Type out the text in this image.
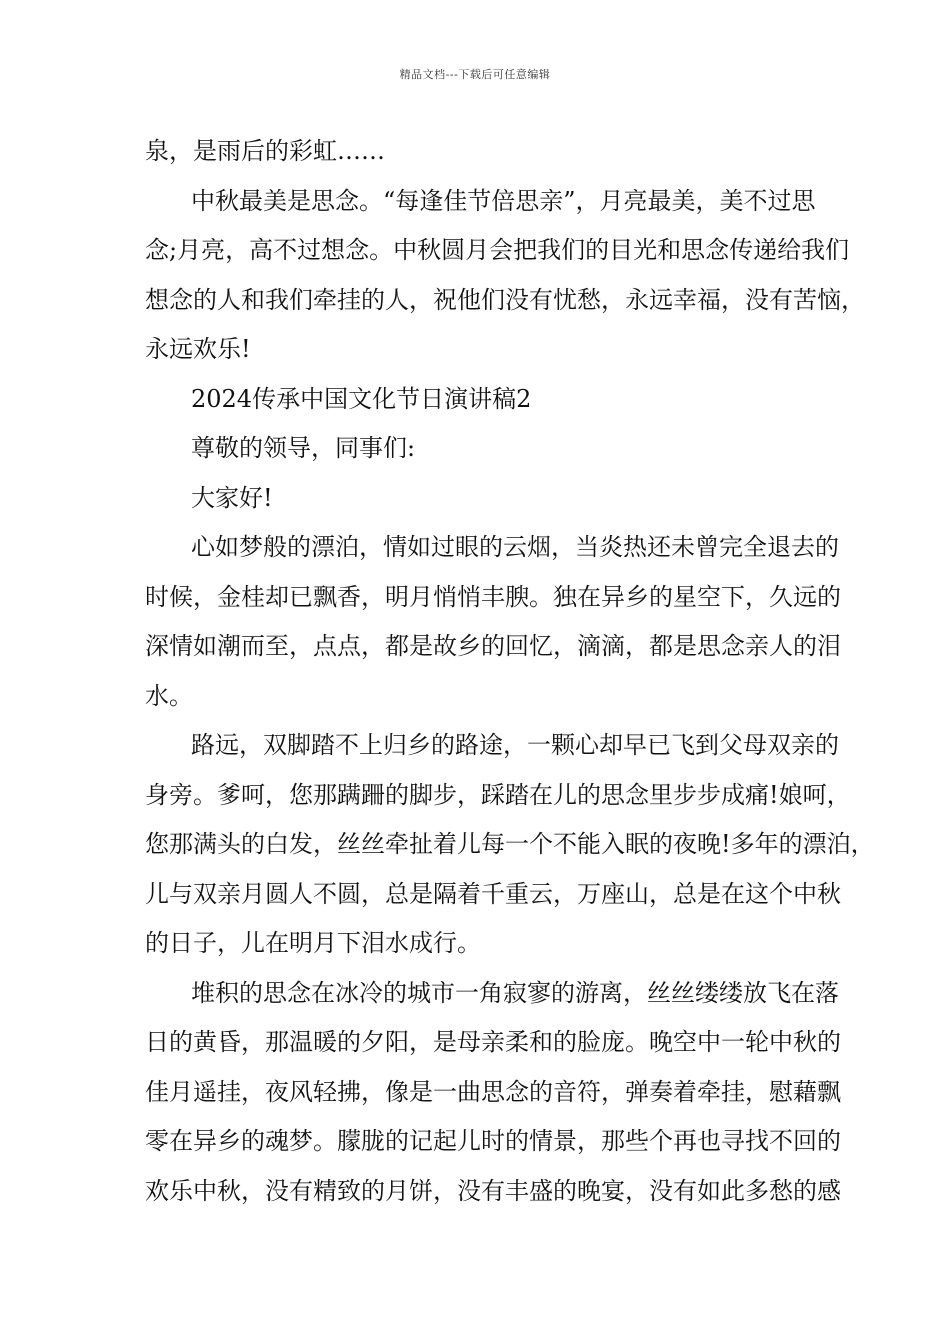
精品文档---下载后可任意编辑
泉，是雨后的彩虹……
中秋最美是思念。“每逢佳节倍思亲”，月亮最美，美不过思
念;月亮，高不过想念。中秋圆月会把我们的目光和思念传递给我们
想念的人和我们牵挂的人，祝他们没有忧愁，永远幸福，没有苦恼，
永远欢乐!
2024传承中国文化节日演讲稿2
尊敬的领导，同事们:
大家好!
心如梦般的漂泊，情如过眼的云烟，当炎热还未曾完全退去的
时候，金桂却已飘香，明月悄悄丰腴。独在异乡的星空下，久远的
深情如潮而至，点点，都是故乡的回忆，滴滴，都是思念亲人的泪
水。
路远，双脚踏不上归乡的路途，一颗心却早已飞到父母双亲的
身旁。爹呵，您那蹒跚的脚步，踩踏在儿的思念里步步成痛!娘呵，
您那满头的白发，丝丝牵扯着儿每一个不能入眠的夜晚!多年的漂泊，
儿与双亲月圆人不圆，总是隔着千重云，万座山，总是在这个中秋
的日子，儿在明月下泪水成行。
堆积的思念在冰冷的城市一角寂寥的游离，丝丝缕缕放飞在落
日的黄昏，那温暖的夕阳，是母亲柔和的脸庞。晚空中一轮中秋的
佳月遥挂，夜风轻拂，像是一曲思念的音符，弹奏着牵挂，慰藉飘
零在异乡的魂梦。朦胧的记起儿时的情景，那些个再也寻找不回的
欢乐中秋，没有精致的月饼，没有丰盛的晚宴，没有如此多愁的感
